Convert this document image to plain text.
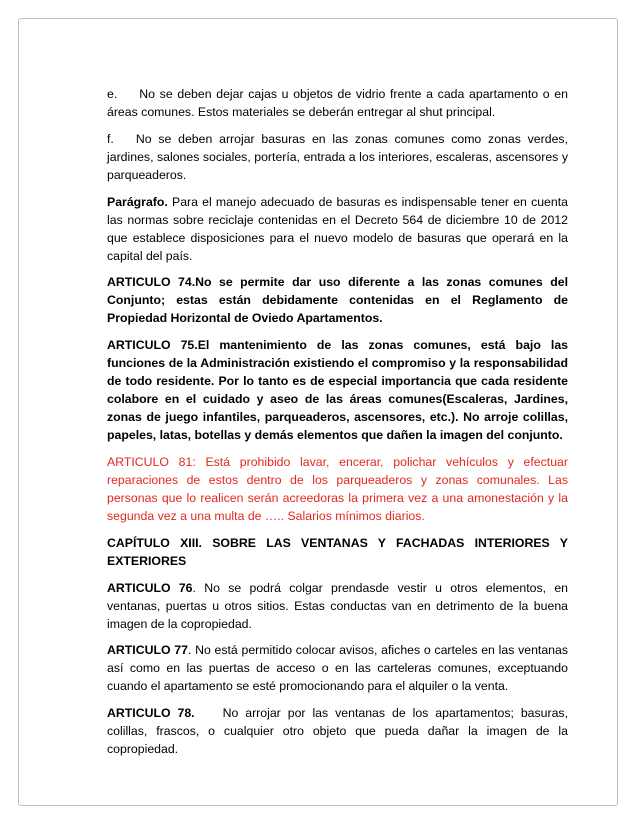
e. No se deben dejar cajas u objetos de vidrio frente a cada apartamento o en áreas comunes. Estos materiales se deberán entregar al shut principal.

f. No se deben arrojar basuras en las zonas comunes como zonas verdes, jardines, salones sociales, portería, entrada a los interiores, escaleras, ascensores y parqueaderos.

Parágrafo. Para el manejo adecuado de basuras es indispensable tener en cuenta las normas sobre reciclaje contenidas en el Decreto 564 de diciembre 10 de 2012 que establece disposiciones para el nuevo modelo de basuras que operará en la capital del país.

ARTICULO 74.No se permite dar uso diferente a las zonas comunes del Conjunto; estas están debidamente contenidas en el Reglamento de Propiedad Horizontal de Oviedo Apartamentos.

ARTICULO 75.El mantenimiento de las zonas comunes, está bajo las funciones de la Administración existiendo el compromiso y la responsabilidad de todo residente. Por lo tanto es de especial importancia que cada residente colabore en el cuidado y aseo de las áreas comunes(Escaleras, Jardines, zonas de juego infantiles, parqueaderos, ascensores, etc.). No arroje colillas, papeles, latas, botellas y demás elementos que dañen la imagen del conjunto.

ARTICULO 81: Está prohibido lavar, encerar, polichar vehículos y efectuar reparaciones de estos dentro de los parqueaderos y zonas comunales. Las personas que lo realicen serán acreedoras la primera vez a una amonestación y la segunda vez a una multa de ….. Salarios mínimos diarios.

CAPÍTULO XIII. SOBRE LAS VENTANAS Y FACHADAS INTERIORES Y EXTERIORES

ARTICULO 76. No se podrá colgar prendasde vestir u otros elementos, en ventanas, puertas u otros sitios. Estas conductas van en detrimento de la buena imagen de la copropiedad.

ARTICULO 77. No está permitido colocar avisos, afiches o carteles en las ventanas así como en las puertas de acceso o en las carteleras comunes, exceptuando cuando el apartamento se esté promocionando para el alquiler o la venta.

ARTICULO 78. No arrojar por las ventanas de los apartamentos; basuras, colillas, frascos, o cualquier otro objeto que pueda dañar la imagen de la copropiedad.
